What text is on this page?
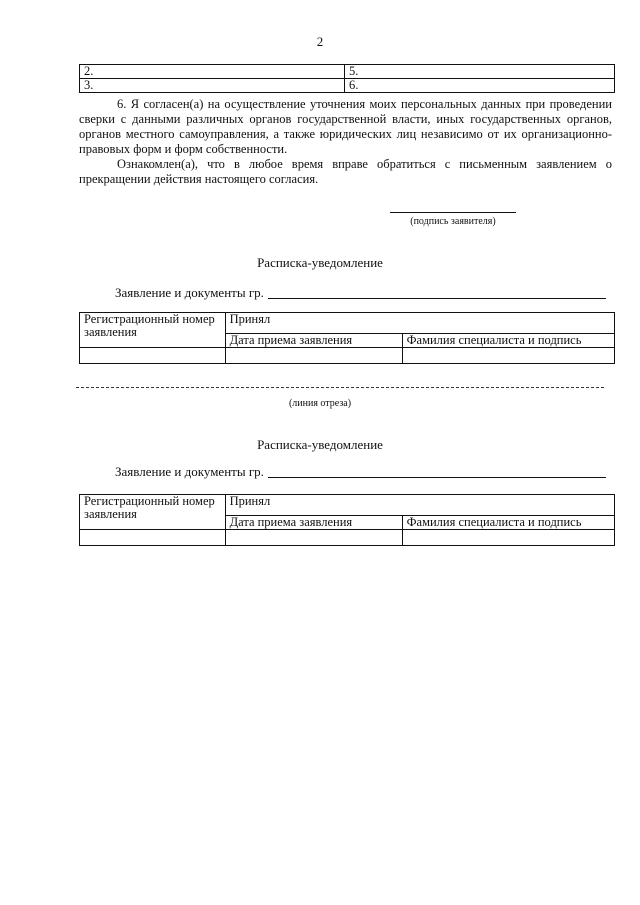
2
2.	5.
3.	6.
6. Я согласен(а) на осуществление уточнения моих персональных данных при проведении сверки с данными различных органов государственной власти, иных государственных органов, органов местного самоуправления, а также юридических лиц независимо от их организационно-правовых форм и форм собственности.
Ознакомлен(а), что в любое время вправе обратиться с письменным заявлением о прекращении действия настоящего согласия.
(подпись заявителя)
Расписка-уведомление
Заявление и документы гр.
Регистрационный номер заявления	Принял	
	Дата приема заявления	Фамилия специалиста и подпись

(линия отреза)
Расписка-уведомление
Заявление и документы гр.
Регистрационный номер заявления	Принял	
	Дата приема заявления	Фамилия специалиста и подпись
